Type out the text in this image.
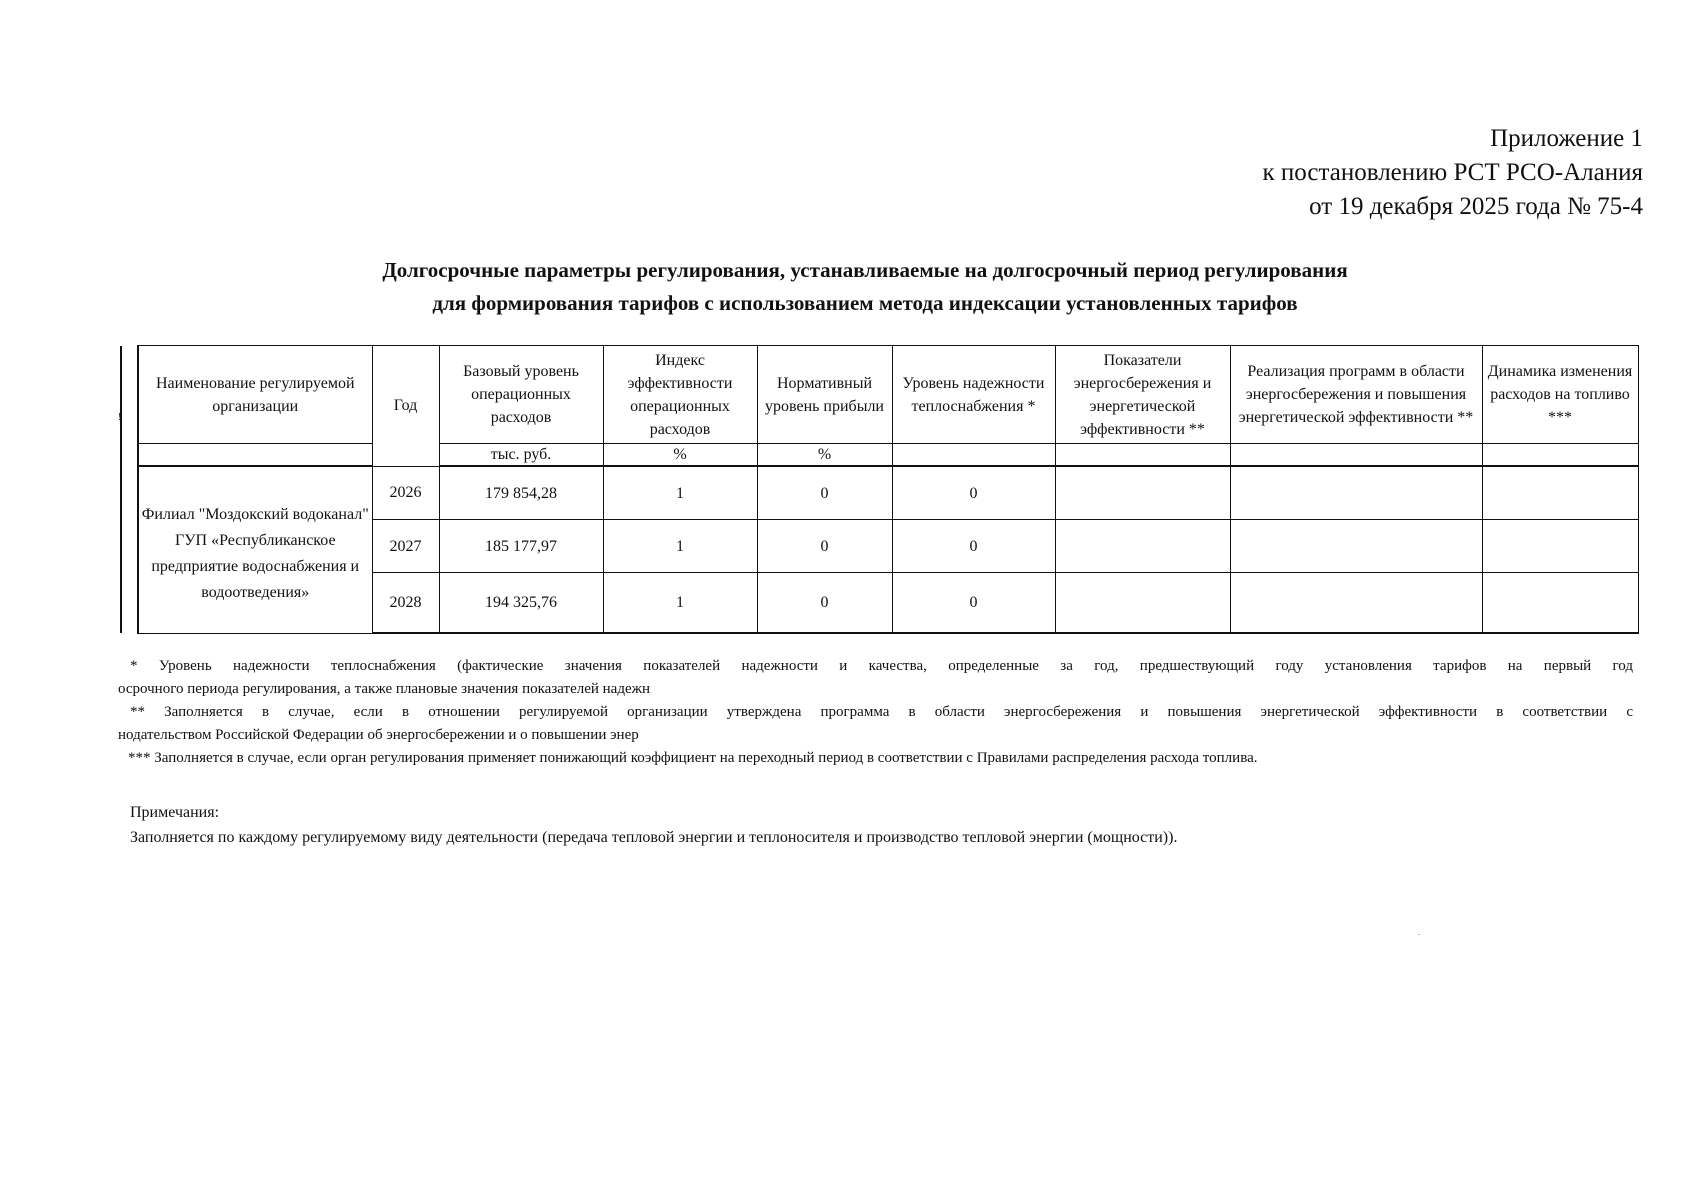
Приложение 1
к постановлению РСТ РСО-Алания
от 19 декабря 2025 года № 75-4
Долгосрочные параметры регулирования, устанавливаемые на долгосрочный период регулирования
для формирования тарифов с использованием метода индексации установленных тарифов
!
	Наименование регулируемой организации	Год	Базовый уровень операционных расходов	Индекс эффективности операционных расходов	Нормативный уровень прибыли	Уровень надежности теплоснабжения *	Показатели энергосбережения и энергетической эффективности **	Реализация программ в области энергосбережения и повышения энергетической эффективности **	Динамика изменения расходов на топливо ***
			тыс. руб.	%	%				
	Филиал "Моздокский водоканал" ГУП «Республиканское предприятие водоснабжения и водоотведения»	2026	179 854,28	1	0	0			
		2027	185 177,97	1	0	0			
		2028	194 325,76	1	0	0			
* Уровень надежности теплоснабжения (фактические значения показателей надежности и качества, определенные за год, предшествующий году установления тарифов на первый год
осрочного периода регулирования, а также плановые значения показателей надежн
** Заполняется в случае, если в отношении регулируемой организации утверждена программа в области энергосбережения и повышения энергетической эффективности в соответствии с
нодательством Российской Федерации об энергосбережении и о повышении энер
*** Заполняется в случае, если орган регулирования применяет понижающий коэффициент на переходный период в соответствии с Правилами распределения расхода топлива.
Примечания:
Заполняется по каждому регулируемому виду деятельности (передача тепловой энергии и теплоносителя и производство тепловой энергии (мощности)).
